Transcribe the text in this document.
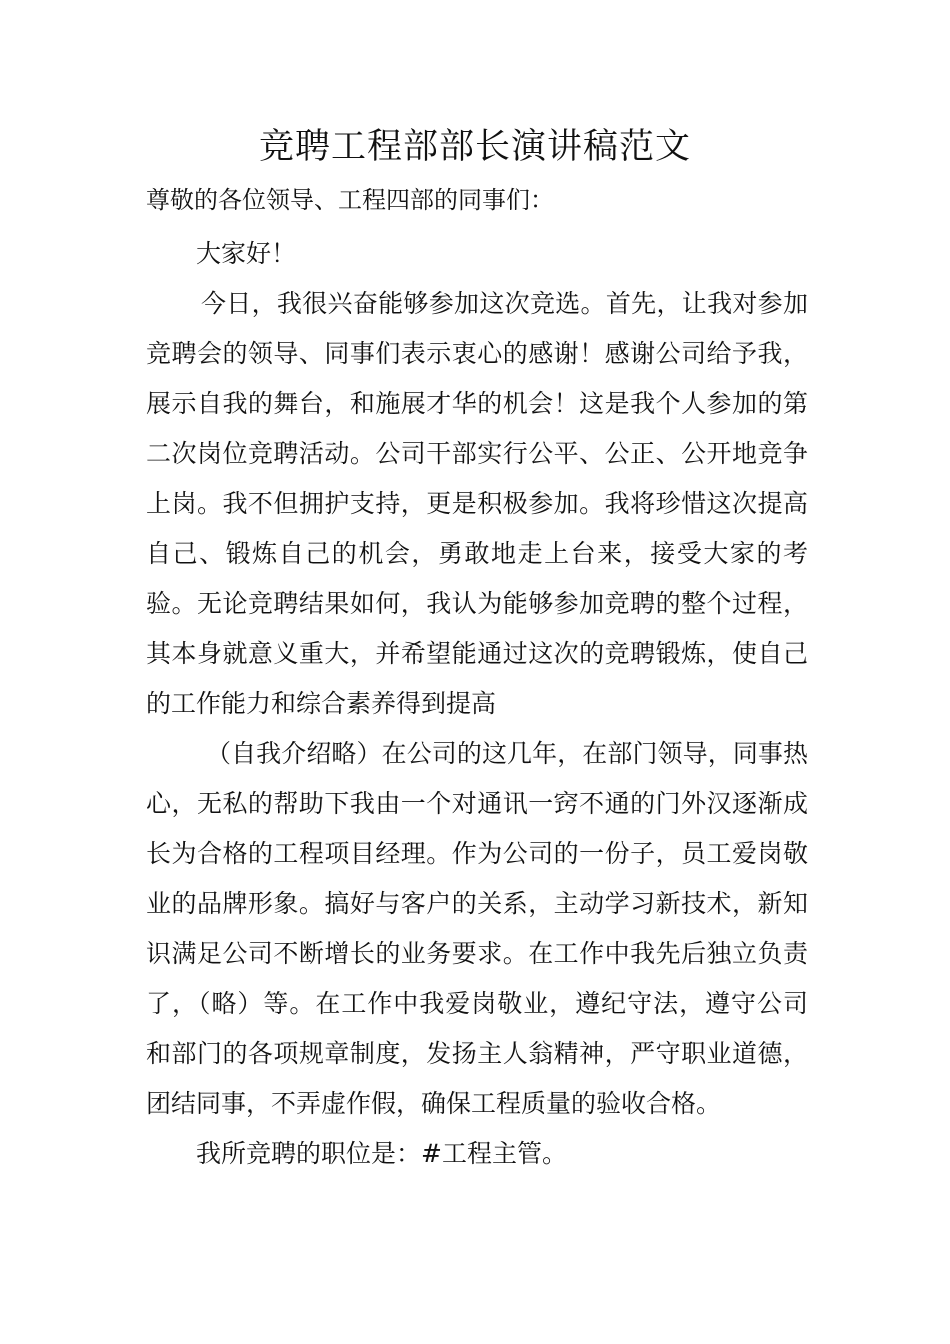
竞聘工程部部长演讲稿范文

尊敬的各位领导、工程四部的同事们：

大家好！

今日，我很兴奋能够参加这次竞选。首先，让我对参加竞聘会的领导、同事们表示衷心的感谢！感谢公司给予我，展示自我的舞台，和施展才华的机会！这是我个人参加的第二次岗位竞聘活动。公司干部实行公平、公正、公开地竞争上岗。我不但拥护支持，更是积极参加。我将珍惜这次提高自己、锻炼自己的机会，勇敢地走上台来，接受大家的考验。无论竞聘结果如何，我认为能够参加竞聘的整个过程，其本身就意义重大，并希望能通过这次的竞聘锻炼，使自己的工作能力和综合素养得到提高

（自我介绍略）在公司的这几年，在部门领导，同事热心，无私的帮助下我由一个对通讯一窍不通的门外汉逐渐成长为合格的工程项目经理。作为公司的一份子，员工爱岗敬业的品牌形象。搞好与客户的关系，主动学习新技术，新知识满足公司不断增长的业务要求。在工作中我先后独立负责了，（略）等。在工作中我爱岗敬业，遵纪守法，遵守公司和部门的各项规章制度，发扬主人翁精神，严守职业道德，团结同事，不弄虚作假，确保工程质量的验收合格。

我所竞聘的职位是：#工程主管。
